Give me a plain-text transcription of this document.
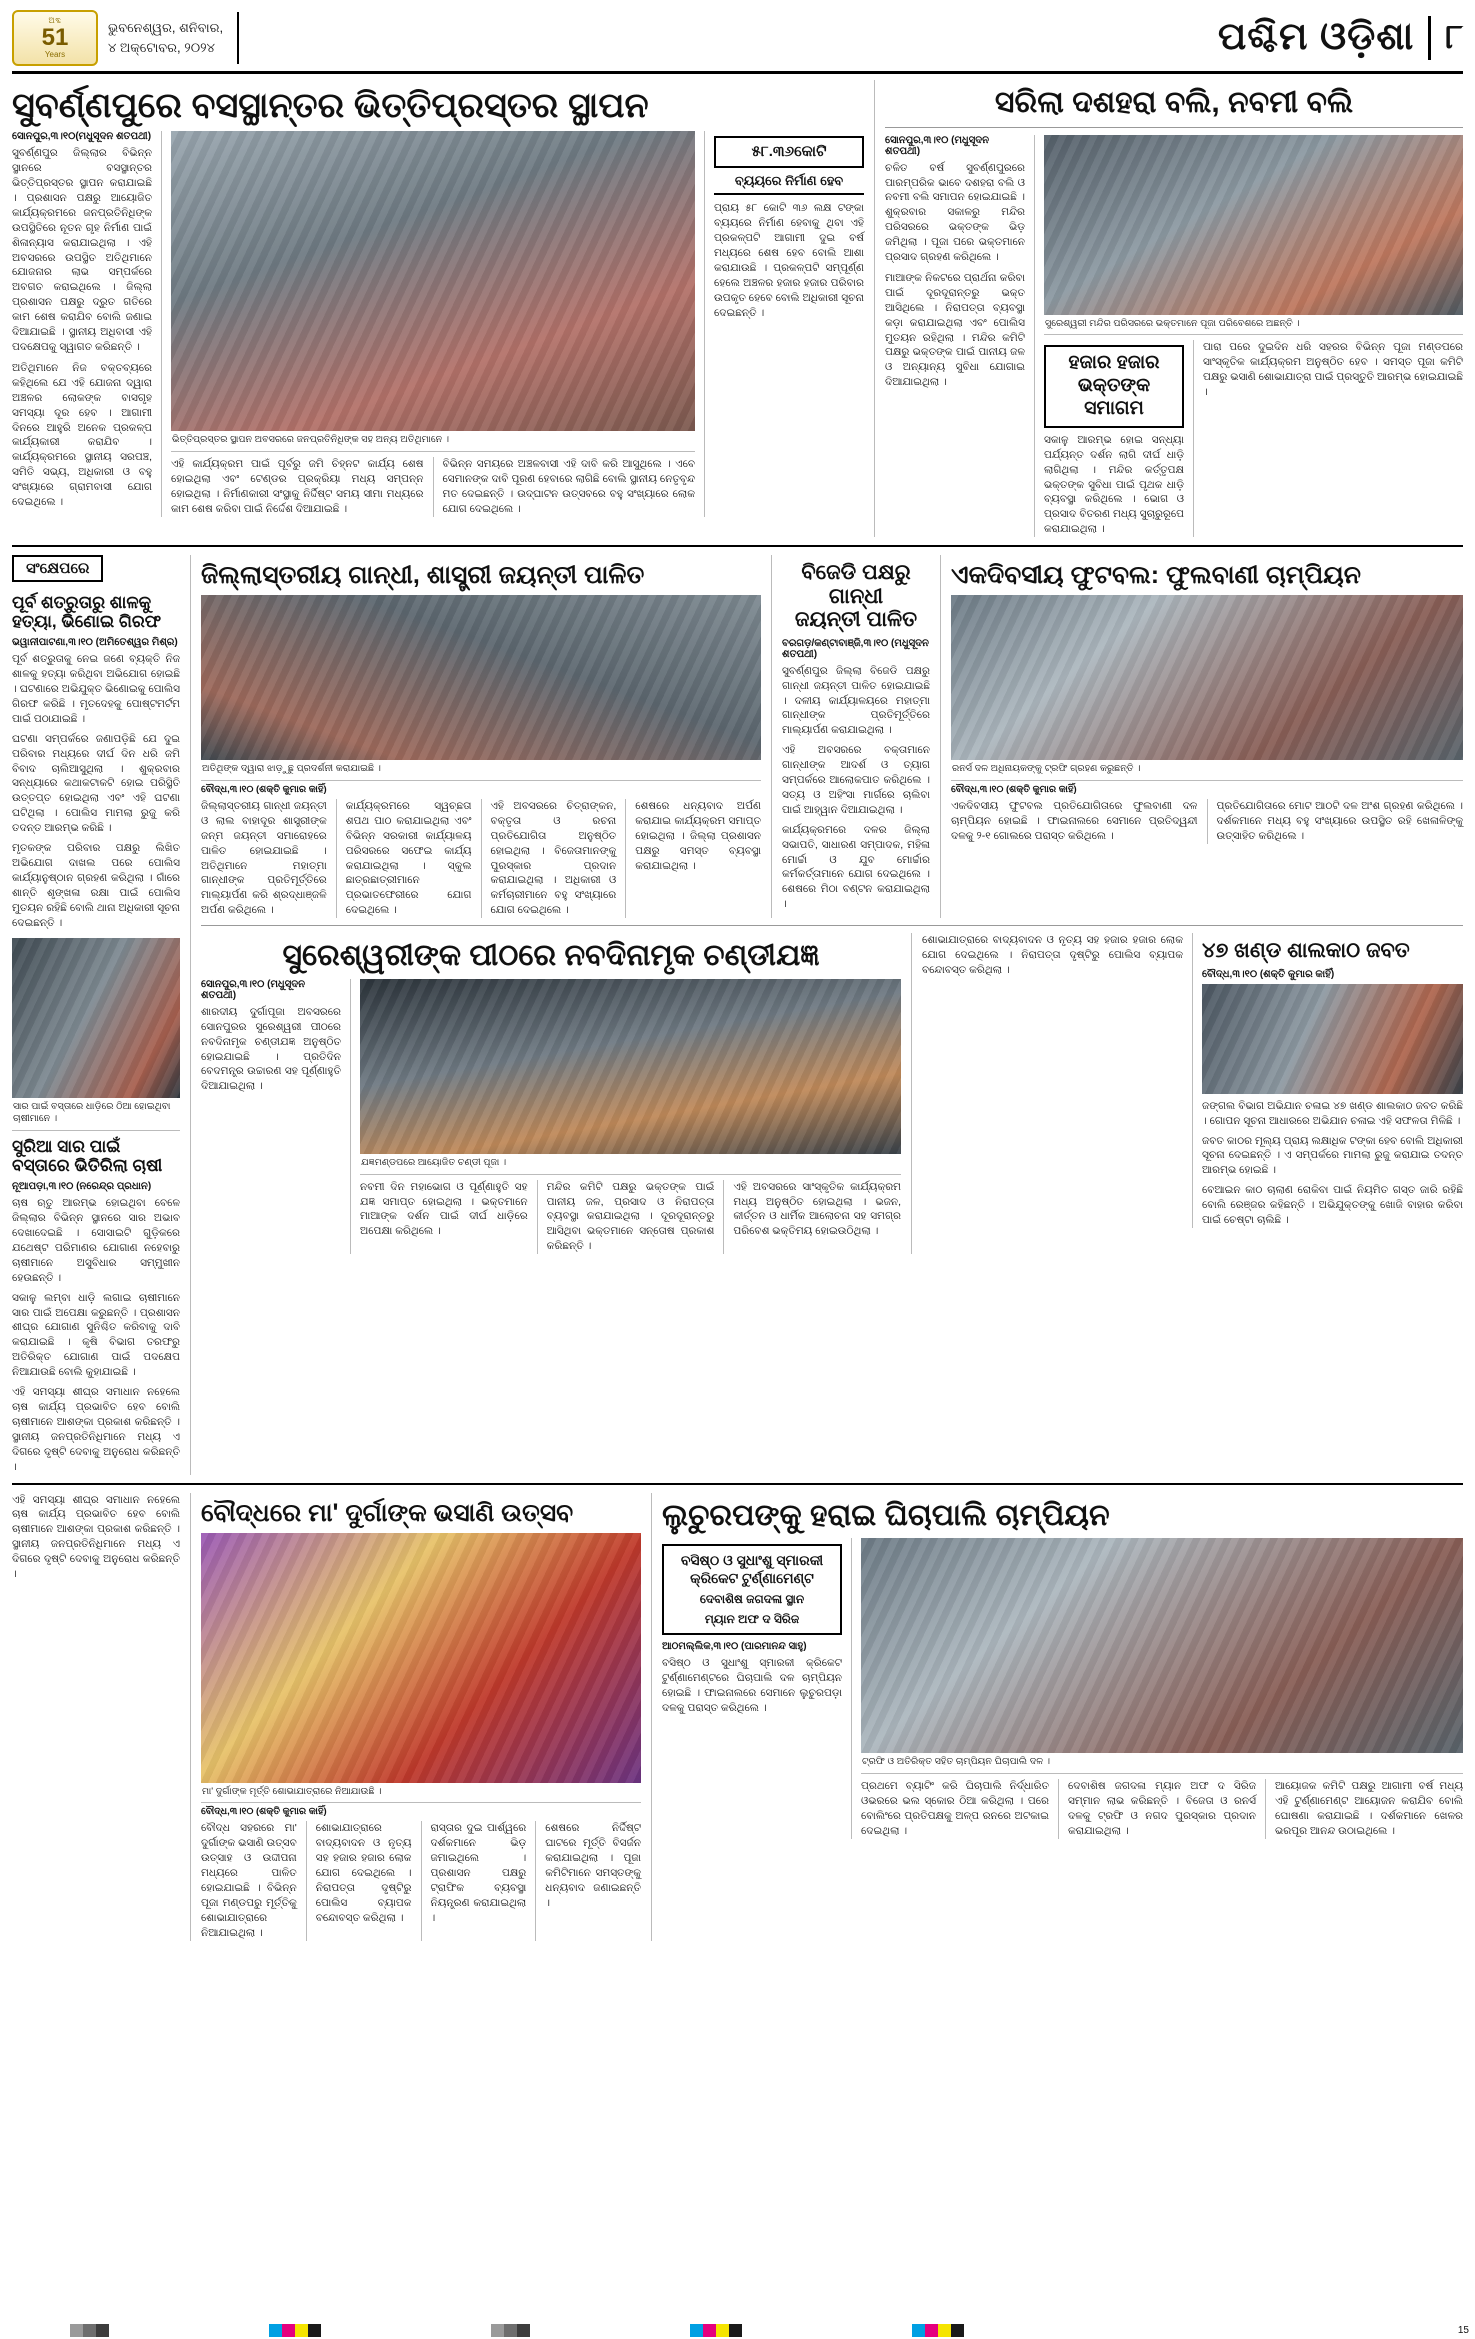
ଅବ୍ଦ
51
Years
ଭୁବନେଶ୍ୱର, ଶନିବାର,
୪ ଅକ୍ଟୋବର, ୨୦୨୪	ପଶ୍ଚିମ ଓଡ଼ିଶା ୮
ସୁବର୍ଣ୍ଣପୁରେ ବସସ୍ଥାନ୍ତର ଭିତ୍ତିପ୍ରସ୍ତର ସ୍ଥାପନ
ସୋନପୁର,୩।୧୦(ମଧୁସୂଦନ ଶତପଥୀ)
ସୁବର୍ଣ୍ଣପୁର ଜିଲ୍ଲାର ବିଭିନ୍ନ ସ୍ଥାନରେ ବସସ୍ଥାନ୍ତର ଭିତ୍ତିପ୍ରସ୍ତର ସ୍ଥାପନ କରାଯାଇଛି । ପ୍ରଶାସନ ପକ୍ଷରୁ ଆୟୋଜିତ କାର୍ଯ୍ୟକ୍ରମରେ ଜନପ୍ରତିନିଧିଙ୍କ ଉପସ୍ଥିତିରେ ନୂତନ ଗୃହ ନିର୍ମାଣ ପାଇଁ ଶିଳାନ୍ୟାସ କରାଯାଇଥିଲା । ଏହି ଅବସରରେ ଉପସ୍ଥିତ ଅତିଥିମାନେ ଯୋଜନାର ଲାଭ ସମ୍ପର୍କରେ ଅବଗତ କରାଇଥିଲେ । ଜିଲ୍ଲା ପ୍ରଶାସନ ପକ୍ଷରୁ ଦ୍ରୁତ ଗତିରେ କାମ ଶେଷ କରାଯିବ ବୋଲି ଜଣାଇ ଦିଆଯାଇଛି । ସ୍ଥାନୀୟ ଅଧିବାସୀ ଏହି ପଦକ୍ଷେପକୁ ସ୍ୱାଗତ କରିଛନ୍ତି ।
ଅତିଥିମାନେ ନିଜ ବକ୍ତବ୍ୟରେ କହିଥିଲେ ଯେ ଏହି ଯୋଜନା ଦ୍ୱାରା ଅଞ୍ଚଳର ଲୋକଙ୍କ ବାସଗୃହ ସମସ୍ୟା ଦୂର ହେବ । ଆଗାମୀ ଦିନରେ ଆହୁରି ଅନେକ ପ୍ରକଳ୍ପ କାର୍ଯ୍ୟକାରୀ କରାଯିବ । କାର୍ଯ୍ୟକ୍ରମରେ ସ୍ଥାନୀୟ ସରପଞ୍ଚ, ସମିତି ସଭ୍ୟ, ଅଧିକାରୀ ଓ ବହୁ ସଂଖ୍ୟାରେ ଗ୍ରାମବାସୀ ଯୋଗ ଦେଇଥିଲେ ।
ଭିତ୍ତିପ୍ରସ୍ତର ସ୍ଥାପନ ଅବସରରେ ଜନପ୍ରତିନିଧିଙ୍କ ସହ ଅନ୍ୟ ଅତିଥିମାନେ ।
ଏହି କାର୍ଯ୍ୟକ୍ରମ ପାଇଁ ପୂର୍ବରୁ ଜମି ଚିହ୍ନଟ କାର୍ଯ୍ୟ ଶେଷ ହୋଇଥିଲା ଏବଂ ଟେଣ୍ଡର ପ୍ରକ୍ରିୟା ମଧ୍ୟ ସମ୍ପନ୍ନ ହୋଇଥିଲା । ନିର୍ମାଣକାରୀ ସଂସ୍ଥାକୁ ନିର୍ଦ୍ଦିଷ୍ଟ ସମୟ ସୀମା ମଧ୍ୟରେ କାମ ଶେଷ କରିବା ପାଇଁ ନିର୍ଦ୍ଦେଶ ଦିଆଯାଇଛି ।
ବିଭିନ୍ନ ସମୟରେ ଅଞ୍ଚଳବାସୀ ଏହି ଦାବି କରି ଆସୁଥିଲେ । ଏବେ ସେମାନଙ୍କ ଦାବି ପୂରଣ ହେବାରେ ଲାଗିଛି ବୋଲି ସ୍ଥାନୀୟ ନେତୃବୃନ୍ଦ ମତ ଦେଇଛନ୍ତି । ଉଦ୍‌ଘାଟନ ଉତ୍ସବରେ ବହୁ ସଂଖ୍ୟାରେ ଲୋକ ଯୋଗ ଦେଇଥିଲେ ।
୫୮.୩୬କୋଟି
ବ୍ୟୟରେ ନିର୍ମାଣ ହେବ
ପ୍ରାୟ ୫୮ କୋଟି ୩୬ ଲକ୍ଷ ଟଙ୍କା ବ୍ୟୟରେ ନିର୍ମାଣ ହେବାକୁ ଥିବା ଏହି ପ୍ରକଳ୍ପଟି ଆଗାମୀ ଦୁଇ ବର୍ଷ ମଧ୍ୟରେ ଶେଷ ହେବ ବୋଲି ଆଶା କରାଯାଉଛି । ପ୍ରକଳ୍ପଟି ସମ୍ପୂର୍ଣ୍ଣ ହେଲେ ଅଞ୍ଚଳର ହଜାର ହଜାର ପରିବାର ଉପକୃତ ହେବେ ବୋଲି ଅଧିକାରୀ ସୂଚନା ଦେଇଛନ୍ତି ।
ସରିଲା ଦଶହରା ବଲି, ନବମୀ ବଲି
ସୋନପୁର,୩।୧୦ (ମଧୁସୂଦନ ଶତପଥୀ)
ଚଳିତ ବର୍ଷ ସୁବର୍ଣ୍ଣପୁରରେ ପାରମ୍ପରିକ ଭାବେ ଦଶହରା ବଲି ଓ ନବମୀ ବଲି ସମାପନ ହୋଇଯାଇଛି । ଶୁକ୍ରବାର ସକାଳରୁ ମନ୍ଦିର ପରିସରରେ ଭକ୍ତଙ୍କ ଭିଡ଼ ଜମିଥିଲା । ପୂଜା ପରେ ଭକ୍ତମାନେ ପ୍ରସାଦ ଗ୍ରହଣ କରିଥିଲେ ।
ମାଆଙ୍କ ନିକଟରେ ପ୍ରାର୍ଥନା କରିବା ପାଇଁ ଦୂରଦୂରାନ୍ତରୁ ଭକ୍ତ ଆସିଥିଲେ । ନିରାପତ୍ତା ବ୍ୟବସ୍ଥା କଡ଼ା କରାଯାଇଥିଲା ଏବଂ ପୋଲିସ ମୁତୟନ ରହିଥିଲା । ମନ୍ଦିର କମିଟି ପକ୍ଷରୁ ଭକ୍ତଙ୍କ ପାଇଁ ପାନୀୟ ଜଳ ଓ ଅନ୍ୟାନ୍ୟ ସୁବିଧା ଯୋଗାଇ ଦିଆଯାଇଥିଲା ।
ସୁରେଶ୍ୱରୀ ମନ୍ଦିର ପରିସରରେ ଭକ୍ତମାନେ ପୂଜା ପରିବେଶରେ ଅଛନ୍ତି ।
ହଜାର ହଜାର
ଭକ୍ତଙ୍କ ସମାଗମ
ସକାଳୁ ଆରମ୍ଭ ହୋଇ ସନ୍ଧ୍ୟା ପର୍ଯ୍ୟନ୍ତ ଦର୍ଶନ ଲାଗି ଦୀର୍ଘ ଧାଡ଼ି ଲାଗିଥିଲା । ମନ୍ଦିର କର୍ତ୍ତୃପକ୍ଷ ଭକ୍ତଙ୍କ ସୁବିଧା ପାଇଁ ପୃଥକ ଧାଡ଼ି ବ୍ୟବସ୍ଥା କରିଥିଲେ । ଭୋଗ ଓ ପ୍ରସାଦ ବିତରଣ ମଧ୍ୟ ସୁଚାରୁରୂପେ କରାଯାଇଥିଲା ।
ପାରା ପରେ ଦୁଇଦିନ ଧରି ସହରର ବିଭିନ୍ନ ପୂଜା ମଣ୍ଡପରେ ସାଂସ୍କୃତିକ କାର୍ଯ୍ୟକ୍ରମ ଅନୁଷ୍ଠିତ ହେବ । ସମସ୍ତ ପୂଜା କମିଟି ପକ୍ଷରୁ ଭସାଣି ଶୋଭାଯାତ୍ରା ପାଇଁ ପ୍ରସ୍ତୁତି ଆରମ୍ଭ ହୋଇଯାଇଛି ।
ସଂକ୍ଷେପରେ
ପୂର୍ବ ଶତ୍ରୁତାରୁ ଶାଳକୁ ହତ୍ୟା, ଭିଣୋଇ ଗିରଫ
ଭୱାନୀପାଟଣା,୩।୧୦ (ଅମିତେଶ୍ୱର ମିଶ୍ର)
ପୂର୍ବ ଶତ୍ରୁତାକୁ ନେଇ ଜଣେ ବ୍ୟକ୍ତି ନିଜ ଶାଳକୁ ହତ୍ୟା କରିଥିବା ଅଭିଯୋଗ ହୋଇଛି । ଘଟଣାରେ ଅଭିଯୁକ୍ତ ଭିଣୋଇକୁ ପୋଲିସ ଗିରଫ କରିଛି । ମୃତଦେହକୁ ପୋଷ୍ଟମର୍ଟମ ପାଇଁ ପଠାଯାଇଛି ।
ଘଟଣା ସମ୍ପର୍କରେ ଜଣାପଡ଼ିଛି ଯେ ଦୁଇ ପରିବାର ମଧ୍ୟରେ ଦୀର୍ଘ ଦିନ ଧରି ଜମି ବିବାଦ ଚାଲିଆସୁଥିଲା । ଶୁକ୍ରବାର ସନ୍ଧ୍ୟାରେ କଥାକଟାକଟି ହୋଇ ପରିସ୍ଥିତି ଉତ୍ତପ୍ତ ହୋଇଥିଲା ଏବଂ ଏହି ଘଟଣା ଘଟିଥିଲା । ପୋଲିସ ମାମଲା ରୁଜୁ କରି ତଦନ୍ତ ଆରମ୍ଭ କରିଛି ।
ମୃତକଙ୍କ ପରିବାର ପକ୍ଷରୁ ଲିଖିତ ଅଭିଯୋଗ ଦାଖଲ ପରେ ପୋଲିସ କାର୍ଯ୍ୟାନୁଷ୍ଠାନ ଗ୍ରହଣ କରିଥିଲା । ଗାଁରେ ଶାନ୍ତି ଶୃଙ୍ଖଳା ରକ୍ଷା ପାଇଁ ପୋଲିସ ମୁତୟନ ରହିଛି ବୋଲି ଥାନା ଅଧିକାରୀ ସୂଚନା ଦେଇଛନ୍ତି ।
ସାର ପାଇଁ ବସ୍ତାରେ ଧାଡ଼ିରେ ଠିଆ ହୋଇଥିବା ଚାଷୀମାନେ ।
ସୁରିଆ ସାର ପାଇଁ ବସ୍ତାରେ ଭିତିରିଲା ଚାଷୀ
ନୂଆପଡ଼ା,୩।୧୦ (ନରେନ୍ଦ୍ର ପ୍ରଧାନ)
ଚାଷ ଋତୁ ଆରମ୍ଭ ହୋଇଥିବା ବେଳେ ଜିଲ୍ଲାର ବିଭିନ୍ନ ସ୍ଥାନରେ ସାର ଅଭାବ ଦେଖାଦେଇଛି । ସୋସାଇଟି ଗୁଡ଼ିକରେ ଯଥେଷ୍ଟ ପରିମାଣର ଯୋଗାଣ ନହେବାରୁ ଚାଷୀମାନେ ଅସୁବିଧାର ସମ୍ମୁଖୀନ ହେଉଛନ୍ତି ।
ସକାଳୁ ଲମ୍ବା ଧାଡ଼ି ଲଗାଇ ଚାଷୀମାନେ ସାର ପାଇଁ ଅପେକ୍ଷା କରୁଛନ୍ତି । ପ୍ରଶାସନ ଶୀଘ୍ର ଯୋଗାଣ ସୁନିଶ୍ଚିତ କରିବାକୁ ଦାବି କରାଯାଇଛି । କୃଷି ବିଭାଗ ତରଫରୁ ଅତିରିକ୍ତ ଯୋଗାଣ ପାଇଁ ପଦକ୍ଷେପ ନିଆଯାଉଛି ବୋଲି କୁହାଯାଇଛି ।
ଏହି ସମସ୍ୟା ଶୀଘ୍ର ସମାଧାନ ନହେଲେ ଚାଷ କାର୍ଯ୍ୟ ପ୍ରଭାବିତ ହେବ ବୋଲି ଚାଷୀମାନେ ଆଶଙ୍କା ପ୍ରକାଶ କରିଛନ୍ତି । ସ୍ଥାନୀୟ ଜନପ୍ରତିନିଧିମାନେ ମଧ୍ୟ ଏ ଦିଗରେ ଦୃଷ୍ଟି ଦେବାକୁ ଅନୁରୋଧ କରିଛନ୍ତି ।
ଜିଲ୍ଲାସ୍ତରୀୟ ଗାନ୍ଧୀ, ଶାସ୍ତ୍ରୀ ଜୟନ୍ତୀ ପାଳିତ
ଅତିଥିଙ୍କ ଦ୍ୱାରା ଝାଡ଼ୁଛୁ ପ୍ରଦର୍ଶନୀ କରାଯାଇଛି ।
ବୌଦ୍ଧ,୩।୧୦ (ଶକ୍ତି କୁମାର କାହିଁ)
ଜିଲ୍ଲାସ୍ତରୀୟ ଗାନ୍ଧୀ ଜୟନ୍ତୀ ଓ ଲାଲ ବାହାଦୂର ଶାସ୍ତ୍ରୀଙ୍କ ଜନ୍ମ ଜୟନ୍ତୀ ସମାରୋହରେ ପାଳିତ ହୋଇଯାଇଛି । ଅତିଥିମାନେ ମହାତ୍ମା ଗାନ୍ଧୀଙ୍କ ପ୍ରତିମୂର୍ତ୍ତିରେ ମାଲ୍ୟାର୍ପଣ କରି ଶ୍ରଦ୍ଧାଞ୍ଜଳି ଅର୍ପଣ କରିଥିଲେ ।
କାର୍ଯ୍ୟକ୍ରମରେ ସ୍ୱଚ୍ଛତା ଶପଥ ପାଠ କରାଯାଇଥିଲା ଏବଂ ବିଭିନ୍ନ ସରକାରୀ କାର୍ଯ୍ୟାଳୟ ପରିସରରେ ସଫେଇ କାର୍ଯ୍ୟ କରାଯାଇଥିଲା । ସ୍କୁଲ ଛାତ୍ରଛାତ୍ରୀମାନେ ପ୍ରଭାତଫେରୀରେ ଯୋଗ ଦେଇଥିଲେ ।
ଏହି ଅବସରରେ ଚିତ୍ରାଙ୍କନ, ବକ୍ତୃତା ଓ ରଚନା ପ୍ରତିଯୋଗିତା ଅନୁଷ୍ଠିତ ହୋଇଥିଲା । ବିଜେତାମାନଙ୍କୁ ପୁରସ୍କାର ପ୍ରଦାନ କରାଯାଇଥିଲା । ଅଧିକାରୀ ଓ କର୍ମଚାରୀମାନେ ବହୁ ସଂଖ୍ୟାରେ ଯୋଗ ଦେଇଥିଲେ ।
ଶେଷରେ ଧନ୍ୟବାଦ ଅର୍ପଣ କରାଯାଇ କାର୍ଯ୍ୟକ୍ରମ ସମାପ୍ତ ହୋଇଥିଲା । ଜିଲ୍ଲା ପ୍ରଶାସନ ପକ୍ଷରୁ ସମସ୍ତ ବ୍ୟବସ୍ଥା କରାଯାଇଥିଲା ।
ବିଜେଡି ପକ୍ଷରୁ ଗାନ୍ଧୀ
ଜୟନ୍ତୀ ପାଳିତ
ବରଗଡ଼/କଣ୍ଟାବାଞ୍ଜି,୩।୧୦ (ମଧୁସୂଦନ ଶତପଥୀ)
ସୁବର୍ଣ୍ଣପୁର ଜିଲ୍ଲା ବିଜେଡି ପକ୍ଷରୁ ଗାନ୍ଧୀ ଜୟନ୍ତୀ ପାଳିତ ହୋଇଯାଇଛି । ଦଳୀୟ କାର୍ଯ୍ୟାଳୟରେ ମହାତ୍ମା ଗାନ୍ଧୀଙ୍କ ପ୍ରତିମୂର୍ତ୍ତିରେ ମାଲ୍ୟାର୍ପଣ କରାଯାଇଥିଲା ।
ଏହି ଅବସରରେ ବକ୍ତାମାନେ ଗାନ୍ଧୀଙ୍କ ଆଦର୍ଶ ଓ ତ୍ୟାଗ ସମ୍ପର୍କରେ ଆଲୋକପାତ କରିଥିଲେ । ସତ୍ୟ ଓ ଅହିଂସା ମାର୍ଗରେ ଚାଲିବା ପାଇଁ ଆହ୍ୱାନ ଦିଆଯାଇଥିଲା ।
କାର୍ଯ୍ୟକ୍ରମରେ ଦଳର ଜିଲ୍ଲା ସଭାପତି, ସାଧାରଣ ସମ୍ପାଦକ, ମହିଳା ମୋର୍ଚ୍ଚା ଓ ଯୁବ ମୋର୍ଚ୍ଚାର କର୍ମକର୍ତ୍ତାମାନେ ଯୋଗ ଦେଇଥିଲେ । ଶେଷରେ ମିଠା ବଣ୍ଟନ କରାଯାଇଥିଲା ।
ଏକଦିବସୀୟ ଫୁଟବଲ: ଫୁଲବାଣୀ ଚାମ୍ପିୟନ
ରନର୍ସ ଦଳ ଅଧିନାୟକଙ୍କୁ ଟ୍ରଫି ଗ୍ରହଣ କରୁଛନ୍ତି ।
ବୌଦ୍ଧ,୩।୧୦ (ଶକ୍ତି କୁମାର କାହିଁ)
ଏକଦିବସୀୟ ଫୁଟବଲ ପ୍ରତିଯୋଗିତାରେ ଫୁଲବାଣୀ ଦଳ ଚାମ୍ପିୟନ ହୋଇଛି । ଫାଇନାଲରେ ସେମାନେ ପ୍ରତିଦ୍ୱନ୍ଦୀ ଦଳକୁ ୨-୧ ଗୋଲରେ ପରାସ୍ତ କରିଥିଲେ ।
ପ୍ରତିଯୋଗିତାରେ ମୋଟ ଆଠଟି ଦଳ ଅଂଶ ଗ୍ରହଣ କରିଥିଲେ । ଦର୍ଶକମାନେ ମଧ୍ୟ ବହୁ ସଂଖ୍ୟାରେ ଉପସ୍ଥିତ ରହି ଖେଳାଳିଙ୍କୁ ଉତ୍ସାହିତ କରିଥିଲେ ।
ସୁରେଶ୍ୱରୀଙ୍କ ପୀଠରେ ନବଦିନାମୃକ ଚଣ୍ଡୀଯଜ୍ଞ
ସୋନପୁର,୩।୧୦ (ମଧୁସୂଦନ ଶତପଥୀ)
ଶାରଦୀୟ ଦୁର୍ଗାପୂଜା ଅବସରରେ ସୋନପୁରର ସୁରେଶ୍ୱରୀ ପୀଠରେ ନବଦିନାମୃକ ଚଣ୍ଡୀଯଜ୍ଞ ଅନୁଷ୍ଠିତ ହୋଇଯାଇଛି । ପ୍ରତିଦିନ ବେଦମନ୍ତ୍ର ଉଚ୍ଚାରଣ ସହ ପୂର୍ଣ୍ଣାହୁତି ଦିଆଯାଇଥିଲା ।
ଯଜ୍ଞମଣ୍ଡପରେ ଆୟୋଜିତ ଚଣ୍ଡୀ ପୂଜା ।
ନବମୀ ଦିନ ମହାଭୋଗ ଓ ପୂର୍ଣ୍ଣାହୁତି ସହ ଯଜ୍ଞ ସମାପ୍ତ ହୋଇଥିଲା । ଭକ୍ତମାନେ ମାଆଙ୍କ ଦର୍ଶନ ପାଇଁ ଦୀର୍ଘ ଧାଡ଼ିରେ ଅପେକ୍ଷା କରିଥିଲେ ।
ମନ୍ଦିର କମିଟି ପକ୍ଷରୁ ଭକ୍ତଙ୍କ ପାଇଁ ପାନୀୟ ଜଳ, ପ୍ରସାଦ ଓ ନିରାପତ୍ତା ବ୍ୟବସ୍ଥା କରାଯାଇଥିଲା । ଦୂରଦୂରାନ୍ତରୁ ଆସିଥିବା ଭକ୍ତମାନେ ସନ୍ତୋଷ ପ୍ରକାଶ କରିଛନ୍ତି ।
ଏହି ଅବସରରେ ସାଂସ୍କୃତିକ କାର୍ଯ୍ୟକ୍ରମ ମଧ୍ୟ ଅନୁଷ୍ଠିତ ହୋଇଥିଲା । ଭଜନ, କୀର୍ତ୍ତନ ଓ ଧାର୍ମିକ ଆଲୋଚନା ସହ ସମଗ୍ର ପରିବେଶ ଭକ୍ତିମୟ ହୋଇଉଠିଥିଲା ।
ଶୋଭାଯାତ୍ରାରେ ବାଦ୍ୟବାଦନ ଓ ନୃତ୍ୟ ସହ ହଜାର ହଜାର ଲୋକ ଯୋଗ ଦେଇଥିଲେ । ନିରାପତ୍ତା ଦୃଷ୍ଟିରୁ ପୋଲିସ ବ୍ୟାପକ ବନ୍ଦୋବସ୍ତ କରିଥିଲା ।
୪୭ ଖଣ୍ଡ ଶାଲକାଠ ଜବତ
ବୌଦ୍ଧ,୩।୧୦ (ଶକ୍ତି କୁମାର କାହିଁ)
ଜଙ୍ଗଲ ବିଭାଗ ଅଭିଯାନ ଚଳାଇ ୪୭ ଖଣ୍ଡ ଶାଲକାଠ ଜବତ କରିଛି । ଗୋପନ ସୂଚନା ଆଧାରରେ ଅଭିଯାନ ଚଳାଇ ଏହି ସଫଳତା ମିଳିଛି ।
ଜବତ କାଠର ମୂଲ୍ୟ ପ୍ରାୟ ଲକ୍ଷାଧିକ ଟଙ୍କା ହେବ ବୋଲି ଅଧିକାରୀ ସୂଚନା ଦେଇଛନ୍ତି । ଏ ସମ୍ପର୍କରେ ମାମଲା ରୁଜୁ କରାଯାଇ ତଦନ୍ତ ଆରମ୍ଭ ହୋଇଛି ।
ବେଆଇନ କାଠ ଚାଲାଣ ରୋକିବା ପାଇଁ ନିୟମିତ ଗସ୍ତ ଜାରି ରହିଛି ବୋଲି ରେଞ୍ଜର କହିଛନ୍ତି । ଅଭିଯୁକ୍ତଙ୍କୁ ଖୋଜି ବାହାର କରିବା ପାଇଁ ଚେଷ୍ଟା ଚାଲିଛି ।
ଏହି ସମସ୍ୟା ଶୀଘ୍ର ସମାଧାନ ନହେଲେ ଚାଷ କାର୍ଯ୍ୟ ପ୍ରଭାବିତ ହେବ ବୋଲି ଚାଷୀମାନେ ଆଶଙ୍କା ପ୍ରକାଶ କରିଛନ୍ତି । ସ୍ଥାନୀୟ ଜନପ୍ରତିନିଧିମାନେ ମଧ୍ୟ ଏ ଦିଗରେ ଦୃଷ୍ଟି ଦେବାକୁ ଅନୁରୋଧ କରିଛନ୍ତି ।
ବୌଦ୍ଧରେ ମା' ଦୁର୍ଗାଙ୍କ ଭସାଣି ଉତ୍ସବ
ମା' ଦୁର୍ଗାଙ୍କ ମୂର୍ତ୍ତି ଶୋଭାଯାତ୍ରାରେ ନିଆଯାଉଛି ।
ବୌଦ୍ଧ,୩।୧୦ (ଶକ୍ତି କୁମାର କାହିଁ)
ବୌଦ୍ଧ ସହରରେ ମା' ଦୁର୍ଗାଙ୍କ ଭସାଣି ଉତ୍ସବ ଉତ୍ସାହ ଓ ଉଦ୍ଦୀପନା ମଧ୍ୟରେ ପାଳିତ ହୋଇଯାଇଛି । ବିଭିନ୍ନ ପୂଜା ମଣ୍ଡପରୁ ମୂର୍ତ୍ତିକୁ ଶୋଭାଯାତ୍ରାରେ ନିଆଯାଇଥିଲା ।
ଶୋଭାଯାତ୍ରାରେ ବାଦ୍ୟବାଦନ ଓ ନୃତ୍ୟ ସହ ହଜାର ହଜାର ଲୋକ ଯୋଗ ଦେଇଥିଲେ । ନିରାପତ୍ତା ଦୃଷ୍ଟିରୁ ପୋଲିସ ବ୍ୟାପକ ବନ୍ଦୋବସ୍ତ କରିଥିଲା ।
ରାସ୍ତାର ଦୁଇ ପାର୍ଶ୍ୱରେ ଦର୍ଶକମାନେ ଭିଡ଼ ଜମାଇଥିଲେ । ପ୍ରଶାସନ ପକ୍ଷରୁ ଟ୍ରାଫିକ ବ୍ୟବସ୍ଥା ନିୟନ୍ତ୍ରଣ କରାଯାଇଥିଲା ।
ଶେଷରେ ନିର୍ଦ୍ଦିଷ୍ଟ ଘାଟରେ ମୂର୍ତ୍ତି ବିସର୍ଜନ କରାଯାଇଥିଲା । ପୂଜା କମିଟିମାନେ ସମସ୍ତଙ୍କୁ ଧନ୍ୟବାଦ ଜଣାଇଛନ୍ତି ।
ଲୁଚୁରପଙ୍କୁ ହରାଇ ଘିଚାପାଲି ଚାମ୍ପିୟନ
ବସିଷ୍ଠ ଓ ସୁଧାଂଶୁ ସ୍ମାରକୀ
କ୍ରିକେଟ ଟୁର୍ଣ୍ଣାମେଣ୍ଟ
ଦେବାଶିଷ ଜଗଦଳା ସ୍ଥାନ
ମ୍ୟାନ ଅଫ ଦ ସିରିଜ
ଆଠମଲ୍ଲିକ,୩।୧୦ (ପାରମାନନ୍ଦ ସାହୁ)
ବସିଷ୍ଠ ଓ ସୁଧାଂଶୁ ସ୍ମାରକୀ କ୍ରିକେଟ ଟୁର୍ଣ୍ଣାମେଣ୍ଟରେ ଘିଚାପାଲି ଦଳ ଚାମ୍ପିୟନ ହୋଇଛି । ଫାଇନାଲରେ ସେମାନେ ଲୁଚୁରପଡ଼ା ଦଳକୁ ପରାସ୍ତ କରିଥିଲେ ।
ଟ୍ରଫି ଓ ଅତିରିକ୍ତ ସହିତ ଚାମ୍ପିୟନ ଘିଚାପାଲି ଦଳ ।
ପ୍ରଥମେ ବ୍ୟାଟିଂ କରି ଘିଚାପାଲି ନିର୍ଦ୍ଧାରିତ ଓଭରରେ ଭଲ ସ୍କୋର ଠିଆ କରିଥିଲା । ପରେ ବୋଲିଂରେ ପ୍ରତିପକ୍ଷକୁ ଅଳ୍ପ ରନରେ ଅଟକାଇ ଦେଇଥିଲା ।
ଦେବାଶିଷ ଜଗଦଳା ମ୍ୟାନ ଅଫ ଦ ସିରିଜ ସମ୍ମାନ ଲାଭ କରିଛନ୍ତି । ବିଜେତା ଓ ରନର୍ସ ଦଳକୁ ଟ୍ରଫି ଓ ନଗଦ ପୁରସ୍କାର ପ୍ରଦାନ କରାଯାଇଥିଲା ।
ଆୟୋଜକ କମିଟି ପକ୍ଷରୁ ଆଗାମୀ ବର୍ଷ ମଧ୍ୟ ଏହି ଟୁର୍ଣ୍ଣାମେଣ୍ଟ ଆୟୋଜନ କରାଯିବ ବୋଲି ଘୋଷଣା କରାଯାଇଛି । ଦର୍ଶକମାନେ ଖେଳର ଭରପୂର ଆନନ୍ଦ ଉଠାଇଥିଲେ ।
15
